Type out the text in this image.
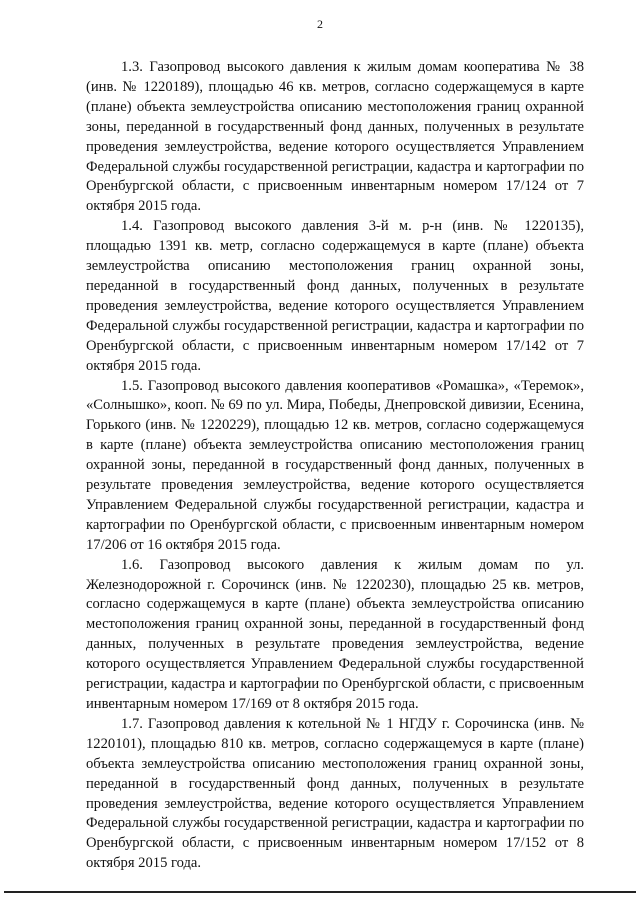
2

1.3. Газопровод высокого давления к жилым домам кооператива № 38 (инв. № 1220189), площадью 46 кв. метров, согласно содержащемуся в карте (плане) объекта землеустройства описанию местоположения границ охранной зоны, переданной в государственный фонд данных, полученных в результате проведения землеустройства, ведение которого осуществляется Управлением Федеральной службы государственной регистрации, кадастра и картографии по Оренбургской области, с присвоенным инвентарным номером 17/124 от 7 октября 2015 года.

1.4. Газопровод высокого давления 3-й м. р-н (инв. № 1220135), площадью 1391 кв. метр, согласно содержащемуся в карте (плане) объекта землеустройства описанию местоположения границ охранной зоны, переданной в государственный фонд данных, полученных в результате проведения землеустройства, ведение которого осуществляется Управлением Федеральной службы государственной регистрации, кадастра и картографии по Оренбургской области, с присвоенным инвентарным номером 17/142 от 7 октября 2015 года.

1.5. Газопровод высокого давления кооперативов «Ромашка», «Теремок», «Солнышко», кооп. № 69 по ул. Мира, Победы, Днепровской дивизии, Есенина, Горького (инв. № 1220229), площадью 12 кв. метров, согласно содержащемуся в карте (плане) объекта землеустройства описанию местоположения границ охранной зоны, переданной в государственный фонд данных, полученных в результате проведения землеустройства, ведение которого осуществляется Управлением Федеральной службы государственной регистрации, кадастра и картографии по Оренбургской области, с присвоенным инвентарным номером 17/206 от 16 октября 2015 года.

1.6. Газопровод высокого давления к жилым домам по ул. Железнодорожной г. Сорочинск (инв. № 1220230), площадью 25 кв. метров, согласно содержащемуся в карте (плане) объекта землеустройства описанию местоположения границ охранной зоны, переданной в государственный фонд данных, полученных в результате проведения землеустройства, ведение которого осуществляется Управлением Федеральной службы государственной регистрации, кадастра и картографии по Оренбургской области, с присвоенным инвентарным номером 17/169 от 8 октября 2015 года.

1.7. Газопровод давления к котельной № 1 НГДУ г. Сорочинска (инв. № 1220101), площадью 810 кв. метров, согласно содержащемуся в карте (плане) объекта землеустройства описанию местоположения границ охранной зоны, переданной в государственный фонд данных, полученных в результате проведения землеустройства, ведение которого осуществляется Управлением Федеральной службы государственной регистрации, кадастра и картографии по Оренбургской области, с присвоенным инвентарным номером 17/152 от 8 октября 2015 года.
